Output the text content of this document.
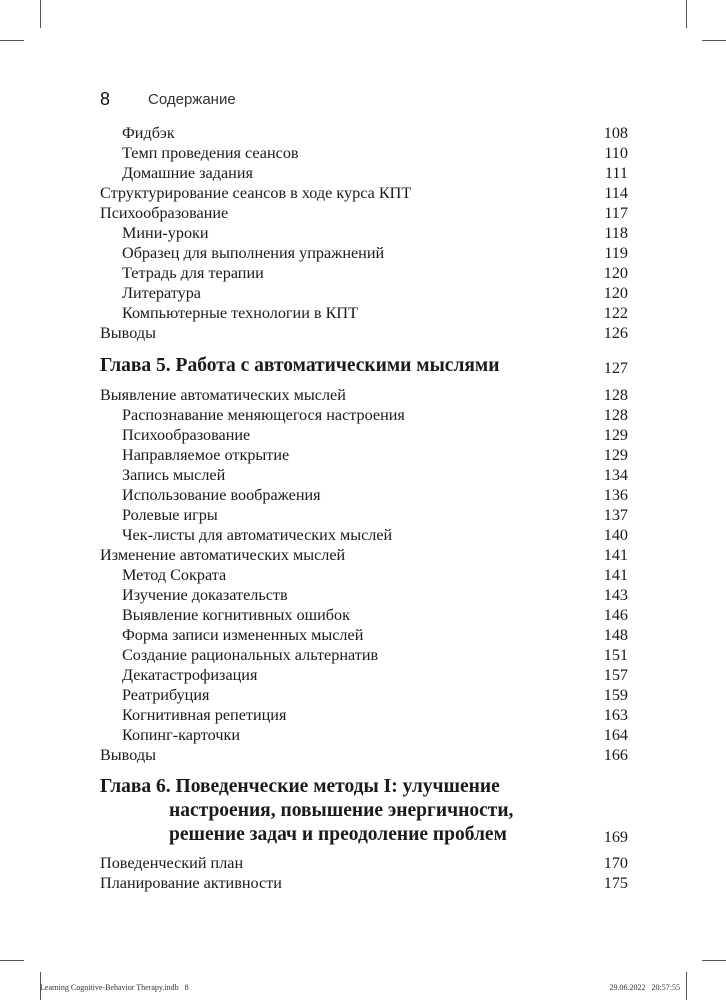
8	Содержание
Фидбэк	108
Темп проведения сеансов	110
Домашние задания	111
Структурирование сеансов в ходе курса КПТ	114
Психообразование	117
Мини-уроки	118
Образец для выполнения упражнений	119
Тетрадь для терапии	120
Литература	120
Компьютерные технологии в КПТ	122
Выводы	126
Глава 5. Работа с автоматическими мыслями	127
Выявление автоматических мыслей	128
Распознавание меняющегося настроения	128
Психообразование	129
Направляемое открытие	129
Запись мыслей	134
Использование воображения	136
Ролевые игры	137
Чек-листы для автоматических мыслей	140
Изменение автоматических мыслей	141
Метод Сократа	141
Изучение доказательств	143
Выявление когнитивных ошибок	146
Форма записи измененных мыслей	148
Создание рациональных альтернатив	151
Декатастрофизация	157
Реатрибуция	159
Когнитивная репетиция	163
Копинг-карточки	164
Выводы	166
Глава 6. Поведенческие методы I: улучшение
настроения, повышение энергичности,
решение задач и преодоление проблем	169
Поведенческий план	170
Планирование активности	175
Learning Cognitive-Behavior Therapy.indb   8	29.06.2022   20:57:55
